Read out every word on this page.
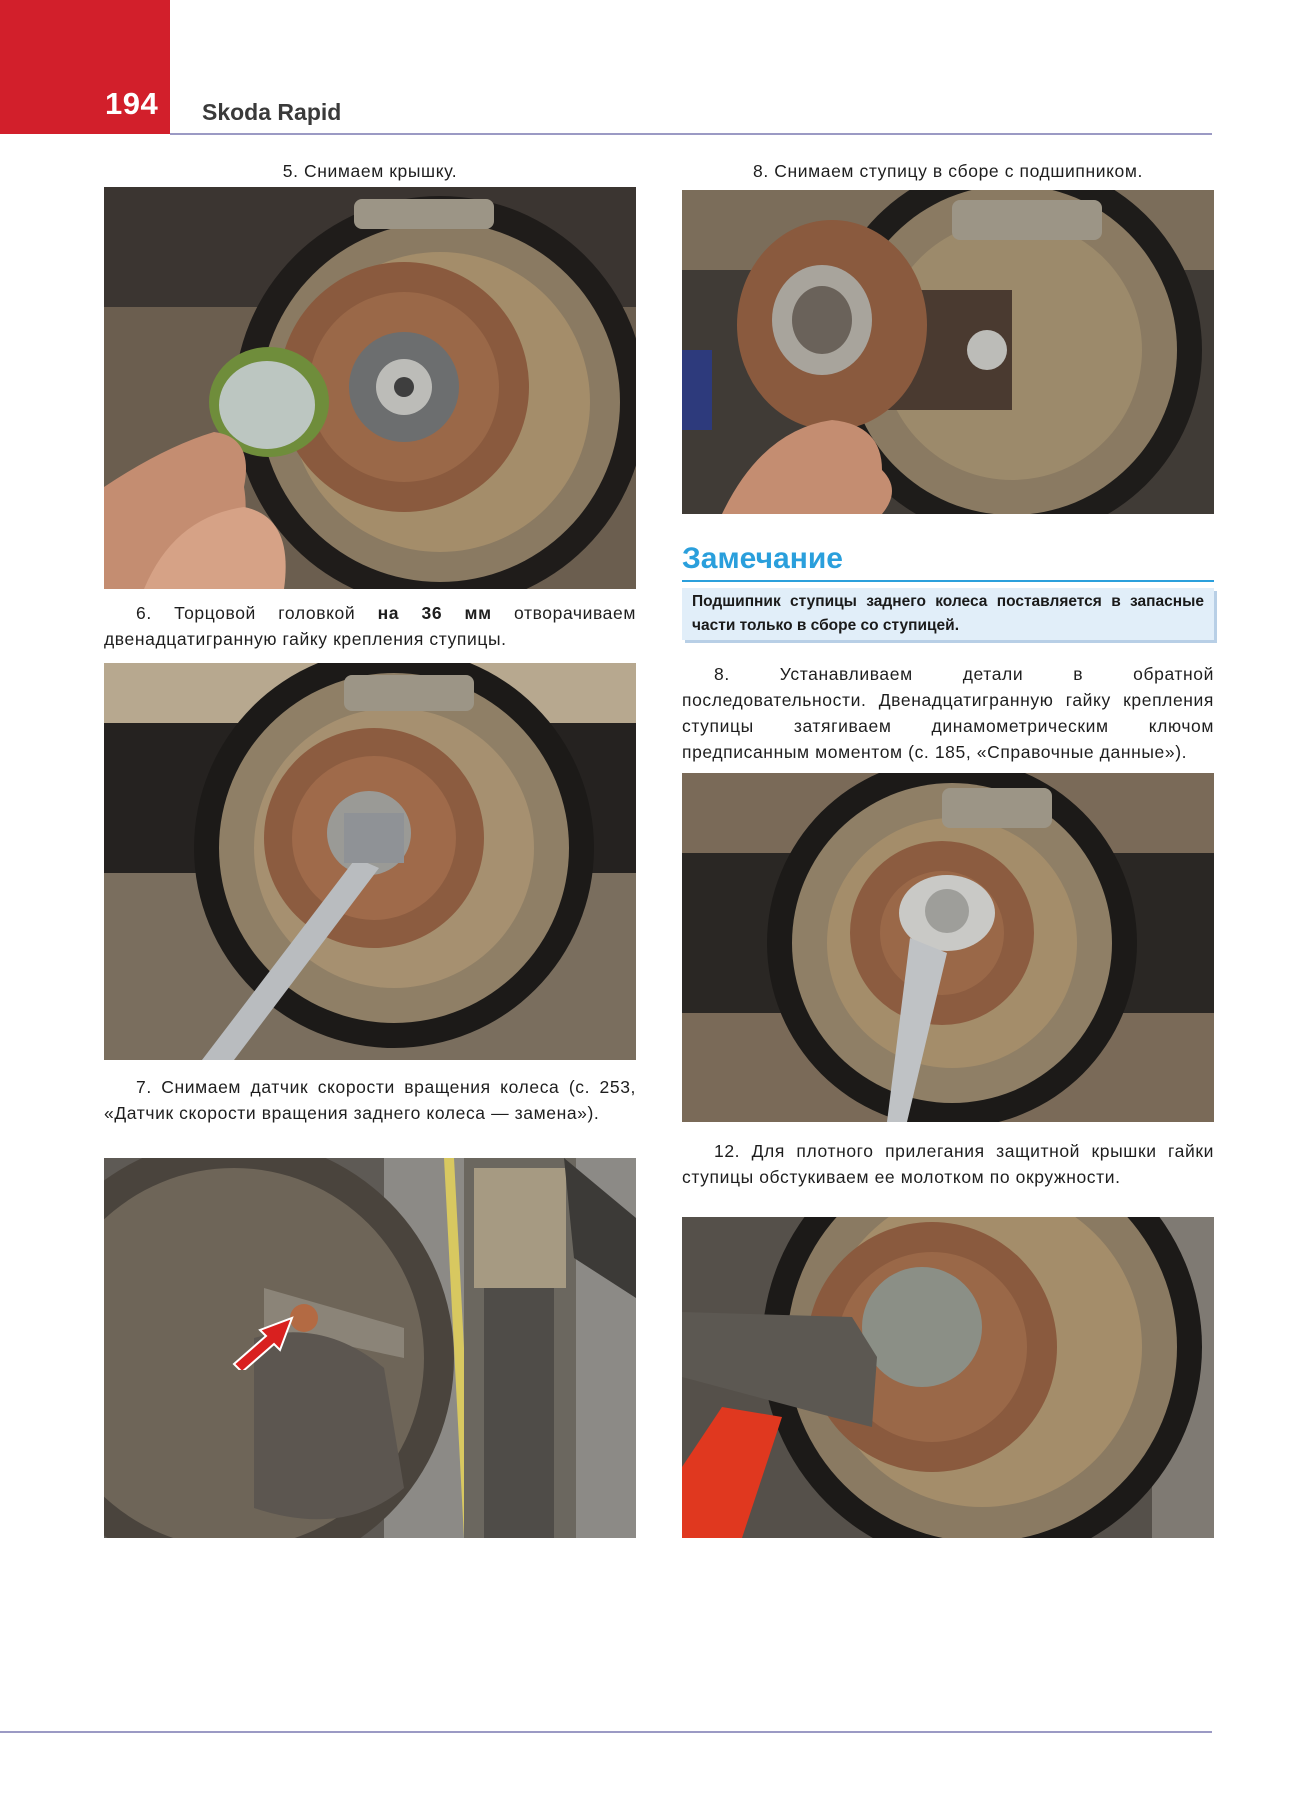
194 Skoda Rapid

5. Снимаем крышку.

6. Торцовой головкой на 36 мм отворачиваем двенадцатигранную гайку крепления ступицы.

7. Снимаем датчик скорости вращения колеса (с. 253, «Датчик скорости вращения заднего колеса — замена»).

8. Снимаем ступицу в сборе с подшипником.

Замечание

Подшипник ступицы заднего колеса поставляется в запасные части только в сборе со ступицей.

8. Устанавливаем детали в обратной последовательности. Двенадцатигранную гайку крепления ступицы затягиваем динамометрическим ключом предписанным моментом (с. 185, «Справочные данные»).

12. Для плотного прилегания защитной крышки гайки ступицы обстукиваем ее молотком по окружности.
